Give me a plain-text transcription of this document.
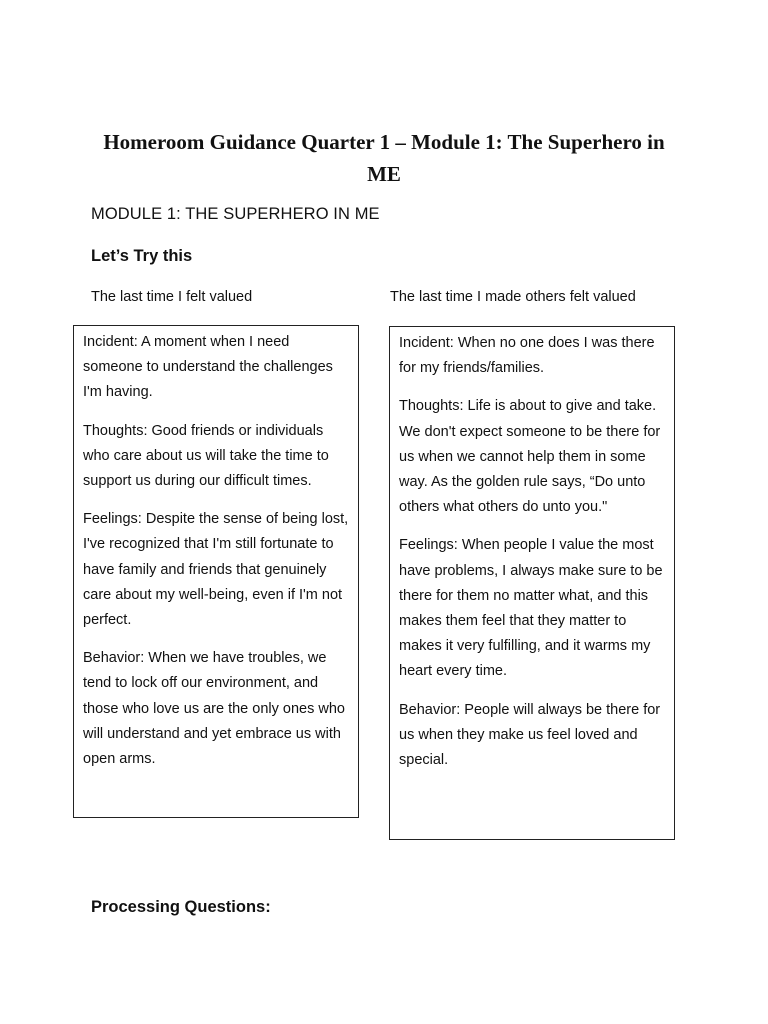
Homeroom Guidance Quarter 1 – Module 1: The Superhero in ME
MODULE 1: THE SUPERHERO IN ME
Let’s Try this
The last time I felt valued	The last time I made others felt valued

Incident: A moment when I need someone to understand the challenges I'm having.

Thoughts: Good friends or individuals who care about us will take the time to support us during our difficult times.

Feelings: Despite the sense of being lost, I've recognized that I'm still fortunate to have family and friends that genuinely care about my well-being, even if I'm not perfect.

Behavior: When we have troubles, we tend to lock off our environment, and those who love us are the only ones who will understand and yet embrace us with open arms.

Incident: When no one does I was there for my friends/families.

Thoughts: Life is about to give and take. We don't expect someone to be there for us when we cannot help them in some way. As the golden rule says, “Do unto others what others do unto you."

Feelings: When people I value the most have problems, I always make sure to be there for them no matter what, and this makes them feel that they matter to makes it very fulfilling, and it warms my heart every time.

Behavior: People will always be there for us when they make us feel loved and special.

Processing Questions:
